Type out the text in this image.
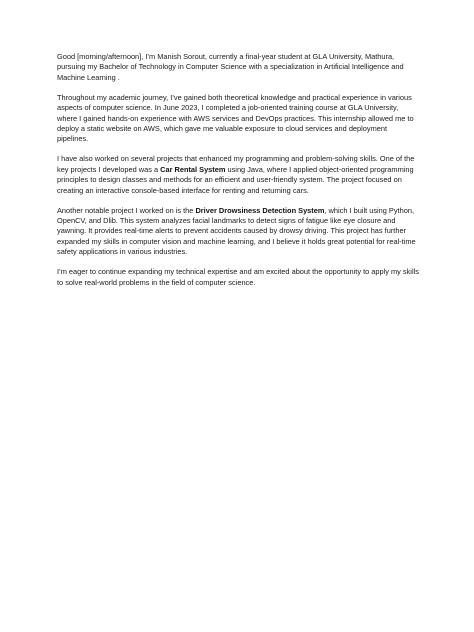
Good [morning/afternoon], I’m Manish Sorout, currently a final-year student at GLA University, Mathura, pursuing my Bachelor of Technology in Computer Science with a specialization in Artificial Intelligence and Machine Learning .

Throughout my academic journey, I’ve gained both theoretical knowledge and practical experience in various aspects of computer science. In June 2023, I completed a job-oriented training course at GLA University, where I gained hands-on experience with AWS services and DevOps practices. This internship allowed me to deploy a static website on AWS, which gave me valuable exposure to cloud services and deployment pipelines.

I have also worked on several projects that enhanced my programming and problem-solving skills. One of the key projects I developed was a Car Rental System using Java, where I applied object-oriented programming principles to design classes and methods for an efficient and user-friendly system. The project focused on creating an interactive console-based interface for renting and returning cars.

Another notable project I worked on is the Driver Drowsiness Detection System, which I built using Python, OpenCV, and Dlib. This system analyzes facial landmarks to detect signs of fatigue like eye closure and yawning. It provides real-time alerts to prevent accidents caused by drowsy driving. This project has further expanded my skills in computer vision and machine learning, and I believe it holds great potential for real-time safety applications in various industries.

I’m eager to continue expanding my technical expertise and am excited about the opportunity to apply my skills to solve real-world problems in the field of computer science.
